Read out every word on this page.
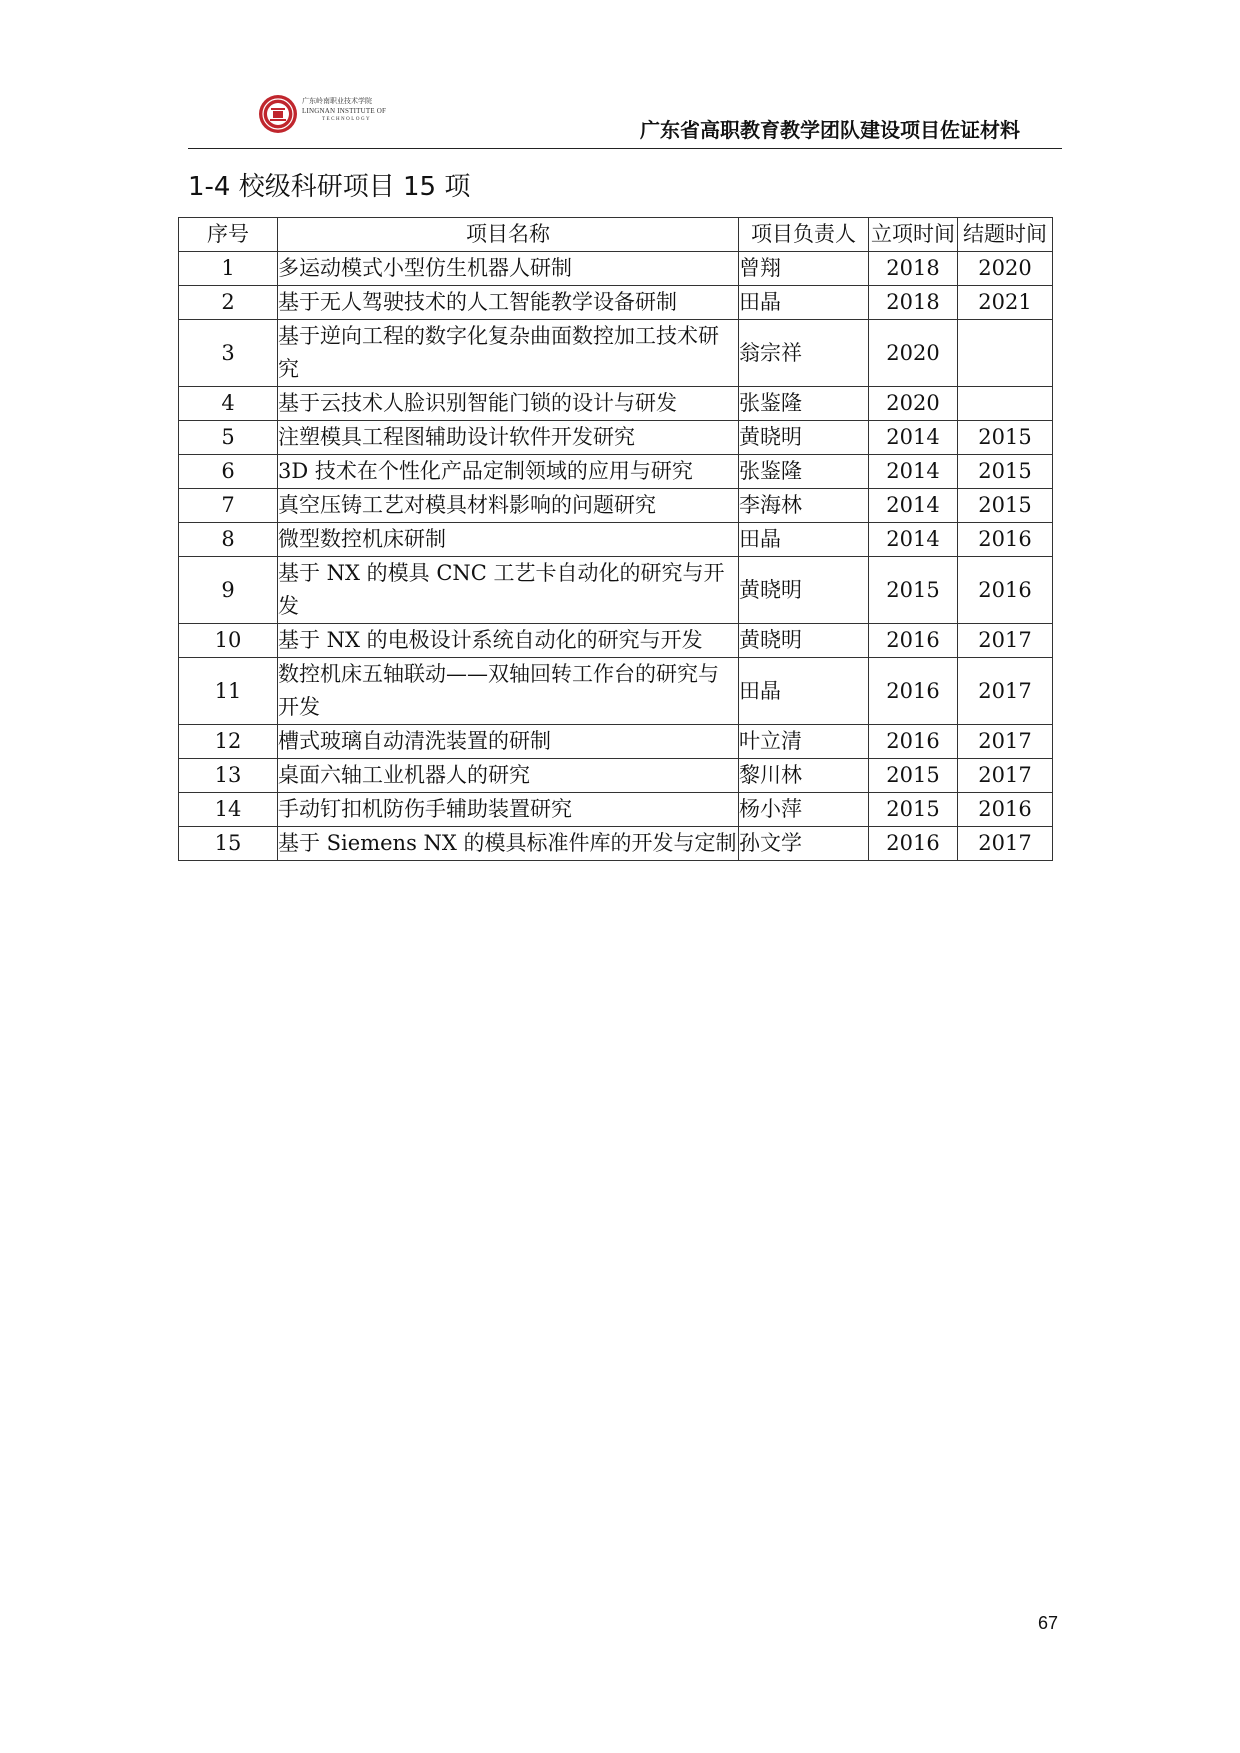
广东岭南职业技术学院
LINGNAN INSTITUTE OF
TECHNOLOGY	广东省高职教育教学团队建设项目佐证材料
1-4 校级科研项目 15 项
序号	项目名称	项目负责人	立项时间	结题时间
1	多运动模式小型仿生机器人研制	曾翔	2018	2020
2	基于无人驾驶技术的人工智能教学设备研制	田晶	2018	2021
3	基于逆向工程的数字化复杂曲面数控加工技术研究	翁宗祥	2020	
4	基于云技术人脸识别智能门锁的设计与研发	张鉴隆	2020	
5	注塑模具工程图辅助设计软件开发研究	黄晓明	2014	2015
6	3D 技术在个性化产品定制领域的应用与研究	张鉴隆	2014	2015
7	真空压铸工艺对模具材料影响的问题研究	李海林	2014	2015
8	微型数控机床研制	田晶	2014	2016
9	基于 NX 的模具 CNC 工艺卡自动化的研究与开发	黄晓明	2015	2016
10	基于 NX 的电极设计系统自动化的研究与开发	黄晓明	2016	2017
11	数控机床五轴联动——双轴回转工作台的研究与开发	田晶	2016	2017
12	槽式玻璃自动清洗装置的研制	叶立清	2016	2017
13	桌面六轴工业机器人的研究	黎川林	2015	2017
14	手动钉扣机防伤手辅助装置研究	杨小萍	2015	2016
15	基于 Siemens NX 的模具标准件库的开发与定制	孙文学	2016	2017
67
